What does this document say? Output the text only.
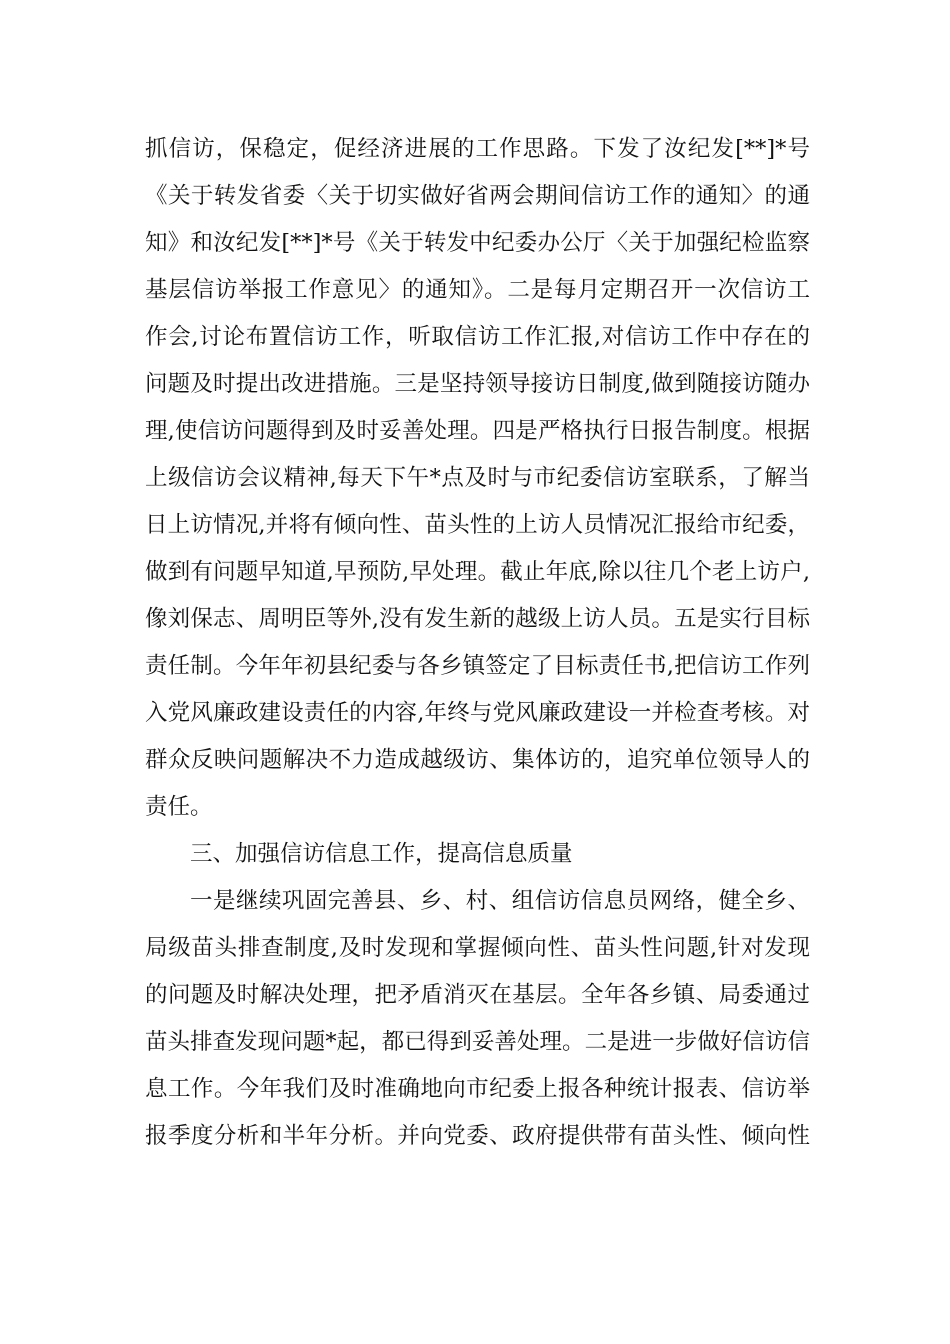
抓信访，保稳定，促经济进展的工作思路。下发了汝纪发[**]*号
《关于转发省委〈关于切实做好省两会期间信访工作的通知〉的通
知》和汝纪发[**]*号《关于转发中纪委办公厅〈关于加强纪检监察
基层信访举报工作意见〉的通知》。二是每月定期召开一次信访工
作会,讨论布置信访工作，听取信访工作汇报,对信访工作中存在的
问题及时提出改进措施。三是坚持领导接访日制度,做到随接访随办
理,使信访问题得到及时妥善处理。四是严格执行日报告制度。根据
上级信访会议精神,每天下午*点及时与市纪委信访室联系，了解当
日上访情况,并将有倾向性、苗头性的上访人员情况汇报给市纪委，
做到有问题早知道,早预防,早处理。截止年底,除以往几个老上访户,
像刘保志、周明臣等外,没有发生新的越级上访人员。五是实行目标
责任制。今年年初县纪委与各乡镇签定了目标责任书,把信访工作列
入党风廉政建设责任的内容,年终与党风廉政建设一并检查考核。对
群众反映问题解决不力造成越级访、集体访的，追究单位领导人的
责任。
三、加强信访信息工作，提高信息质量
一是继续巩固完善县、乡、村、组信访信息员网络，健全乡、
局级苗头排查制度,及时发现和掌握倾向性、苗头性问题,针对发现
的问题及时解决处理，把矛盾消灭在基层。全年各乡镇、局委通过
苗头排查发现问题*起，都已得到妥善处理。二是进一步做好信访信
息工作。今年我们及时准确地向市纪委上报各种统计报表、信访举
报季度分析和半年分析。并向党委、政府提供带有苗头性、倾向性
